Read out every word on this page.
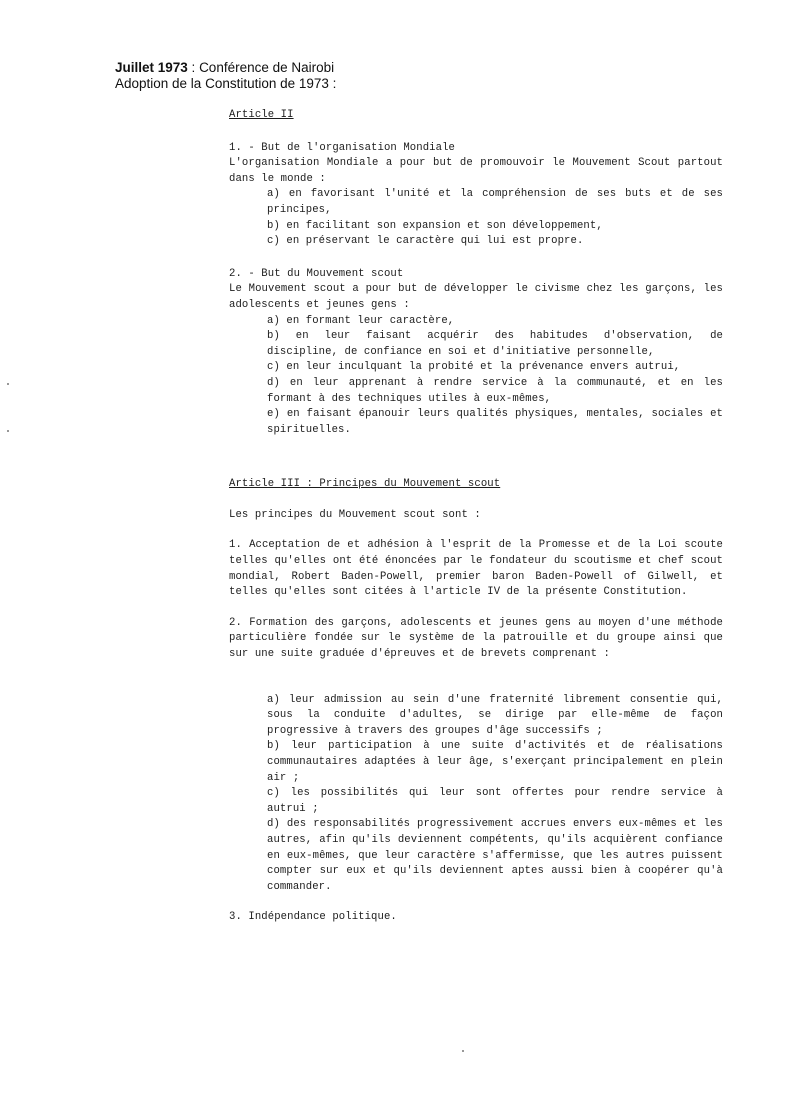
Juillet 1973 : Conférence de Nairobi
Adoption de la Constitution de 1973 :

Article II

1. - But de l'organisation Mondiale

L'organisation Mondiale a pour but de promouvoir le Mouvement Scout partout dans le monde :

a) en favorisant l'unité et la compréhension de ses buts et de ses principes,

b) en facilitant son expansion et son développement,

c) en préservant le caractère qui lui est propre.

2. - But du Mouvement scout

Le Mouvement scout a pour but de développer le civisme chez les garçons, les adolescents et jeunes gens :

a) en formant leur caractère,

b) en leur faisant acquérir des habitudes d'observation, de discipline, de confiance en soi et d'initiative personnelle,

c) en leur inculquant la probité et la prévenance envers autrui,

d) en leur apprenant à rendre service à la communauté, et en les formant à des techniques utiles à eux-mêmes,

e) en faisant épanouir leurs qualités physiques, mentales, sociales et spirituelles.

Article III : Principes du Mouvement scout

Les principes du Mouvement scout sont :

1. Acceptation de et adhésion à l'esprit de la Promesse et de la Loi scoute telles qu'elles ont été énoncées par le fondateur du scoutisme et chef scout mondial, Robert Baden-Powell, premier baron Baden-Powell of Gilwell, et telles qu'elles sont citées à l'article IV de la présente Constitution.

2. Formation des garçons, adolescents et jeunes gens au moyen d'une méthode particulière fondée sur le système de la patrouille et du groupe ainsi que sur une suite graduée d'épreuves et de brevets comprenant :

a) leur admission au sein d'une fraternité librement consentie qui, sous la conduite d'adultes, se dirige par elle-même de façon progressive à travers des groupes d'âge successifs ;

b) leur participation à une suite d'activités et de réalisations communautaires adaptées à leur âge, s'exerçant principalement en plein air ;

c) les possibilités qui leur sont offertes pour rendre service à autrui ;

d) des responsabilités progressivement accrues envers eux-mêmes et les autres, afin qu'ils deviennent compétents, qu'ils acquièrent confiance en eux-mêmes, que leur caractère s'affermisse, que les autres puissent compter sur eux et qu'ils deviennent aptes aussi bien à coopérer qu'à commander.

3. Indépendance politique.
